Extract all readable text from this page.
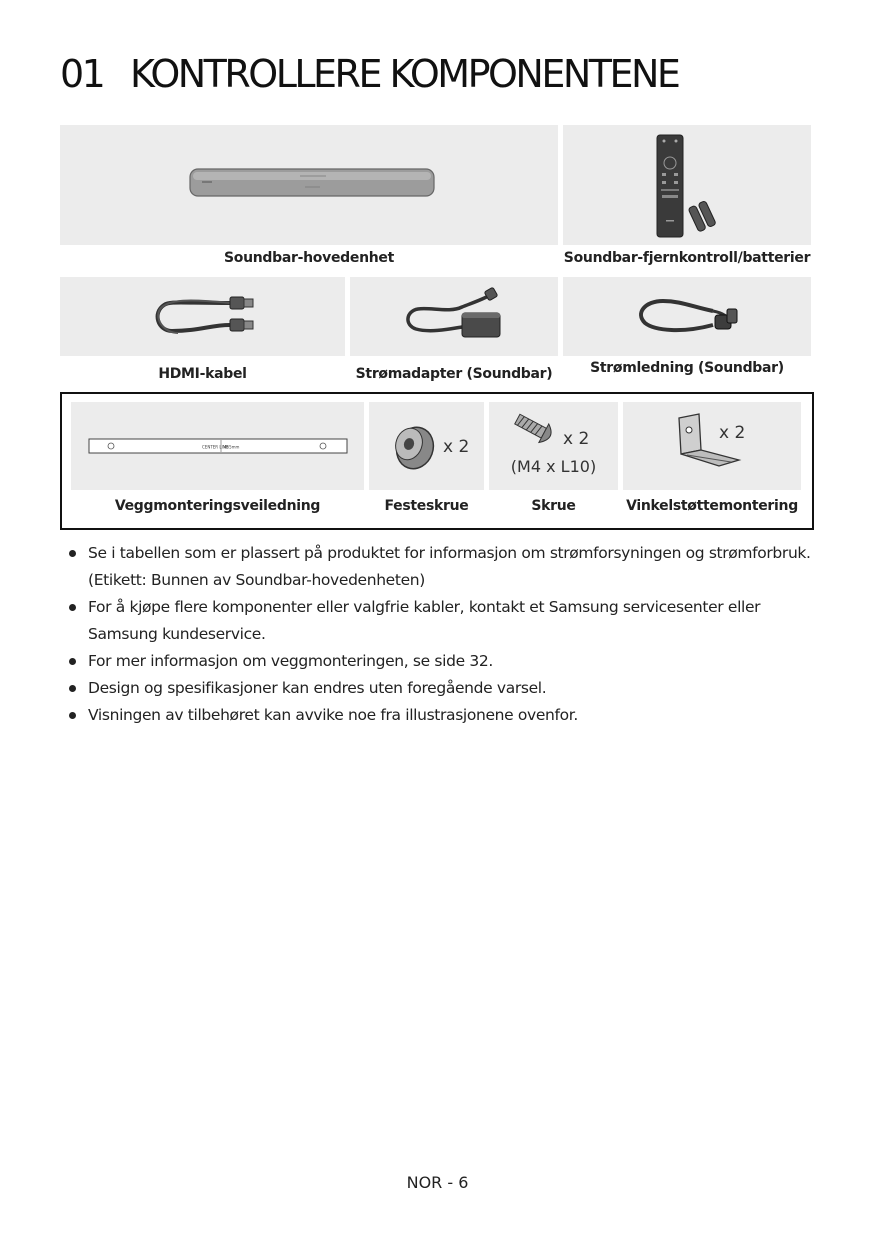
01 KONTROLLERE KOMPONENTENE
Soundbar-hovedenhet	Soundbar-fjernkontroll/batterier
HDMI-kabel	Strømadapter (Soundbar)	Strømledning (Soundbar)
CENTER LINE
465mm	x 2	x 2
(M4 x L10)
x 2
Veggmonteringsveiledning	Festeskrue	Skrue	Vinkelstøttemontering
Se i tabellen som er plassert på produktet for informasjon om strømforsyningen og strømforbruk. (Etikett: Bunnen av Soundbar-hovedenheten)
For å kjøpe flere komponenter eller valgfrie kabler, kontakt et Samsung servicesenter eller Samsung kundeservice.
For mer informasjon om veggmonteringen, se side 32.
Design og spesifikasjoner kan endres uten foregående varsel.
Visningen av tilbehøret kan avvike noe fra illustrasjonene ovenfor.
NOR - 6
